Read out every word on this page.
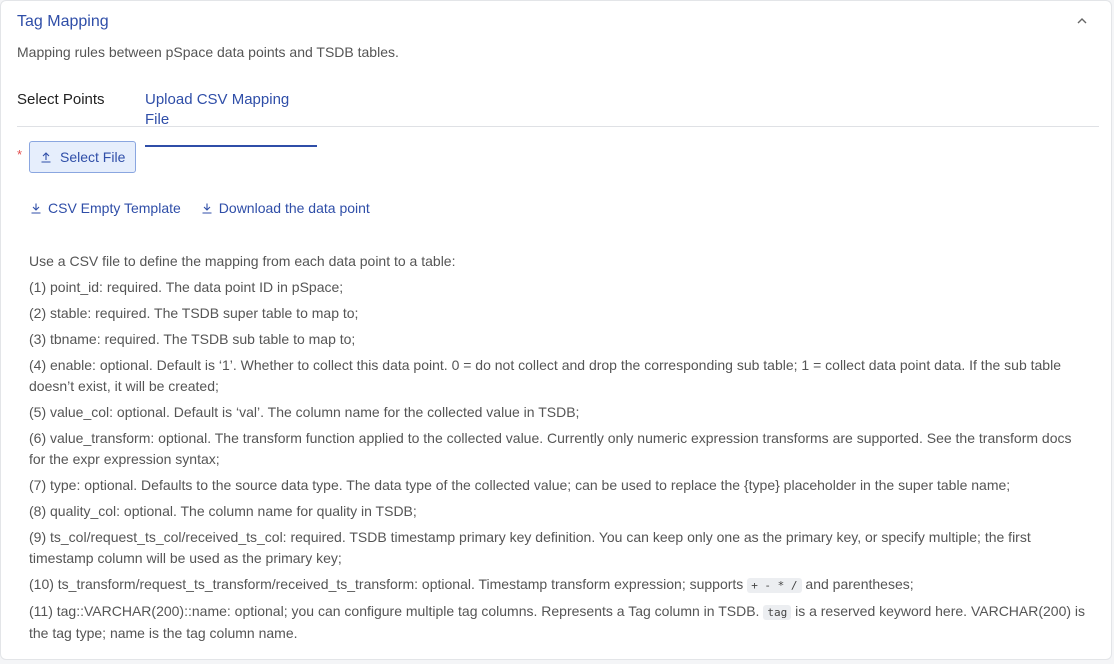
Tag Mapping
Mapping rules between pSpace data points and TSDB tables.
Select Points	Upload CSV Mapping File
*	Select File
CSV Empty Template	Download the data point

Use a CSV file to define the mapping from each data point to a table:

(1) point_id: required. The data point ID in pSpace;

(2) stable: required. The TSDB super table to map to;

(3) tbname: required. The TSDB sub table to map to;

(4) enable: optional. Default is ‘1’. Whether to collect this data point. 0 = do not collect and drop the corresponding sub table; 1 = collect data point data. If the sub table doesn’t exist, it will be created;

(5) value_col: optional. Default is ‘val’. The column name for the collected value in TSDB;

(6) value_transform: optional. The transform function applied to the collected value. Currently only numeric expression transforms are supported. See the transform docs for the expr expression syntax;

(7) type: optional. Defaults to the source data type. The data type of the collected value; can be used to replace the {type} placeholder in the super table name;

(8) quality_col: optional. The column name for quality in TSDB;

(9) ts_col/request_ts_col/received_ts_col: required. TSDB timestamp primary key definition. You can keep only one as the primary key, or specify multiple; the first timestamp column will be used as the primary key;

(10) ts_transform/request_ts_transform/received_ts_transform: optional. Timestamp transform expression; supports + - * / and parentheses;

(11) tag::VARCHAR(200)::name: optional; you can configure multiple tag columns. Represents a Tag column in TSDB. tag is a reserved keyword here. VARCHAR(200) is the tag type; name is the tag column name.
